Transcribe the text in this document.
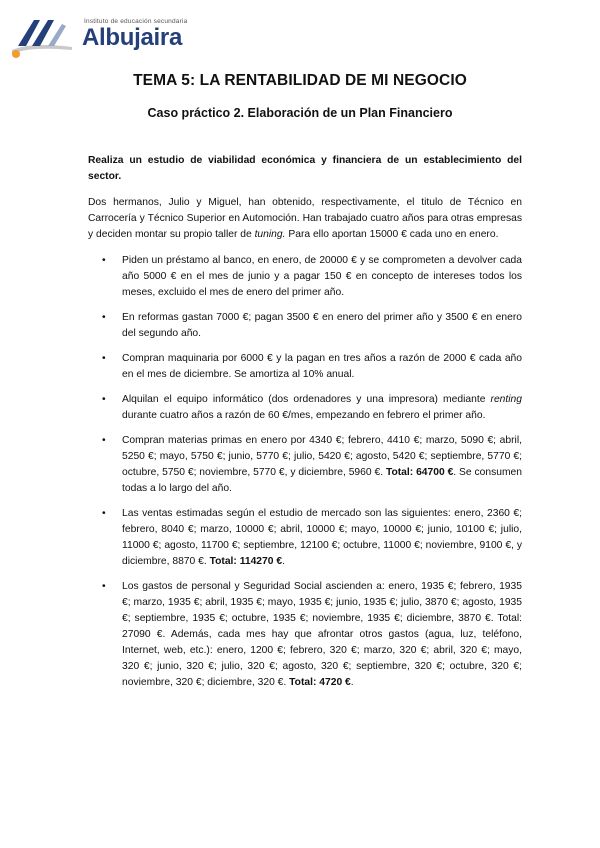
Instituto de educación secundaria
Albujaira
TEMA 5: LA RENTABILIDAD DE MI NEGOCIO
Caso práctico 2. Elaboración de un Plan Financiero

Realiza un estudio de viabilidad económica y financiera de un establecimiento del sector.

Dos hermanos, Julio y Miguel, han obtenido, respectivamente, el titulo de Técnico en Carrocería y Técnico Superior en Automoción. Han trabajado cuatro años para otras empresas y deciden montar su propio taller de tuning. Para ello aportan 15000 € cada uno en enero.

• Piden un préstamo al banco, en enero, de 20000 € y se comprometen a devolver cada año 5000 € en el mes de junio y a pagar 150 € en concepto de intereses todos los meses, excluido el mes de enero del primer año.
• En reformas gastan 7000 €; pagan 3500 € en enero del primer año y 3500 € en enero del segundo año.
• Compran maquinaria por 6000 € y la pagan en tres años a razón de 2000 € cada año en el mes de diciembre. Se amortiza al 10% anual.
• Alquilan el equipo informático (dos ordenadores y una impresora) mediante renting durante cuatro años a razón de 60 €/mes, empezando en febrero el primer año.
• Compran materias primas en enero por 4340 €; febrero, 4410 €; marzo, 5090 €; abril, 5250 €; mayo, 5750 €; junio, 5770 €; julio, 5420 €; agosto, 5420 €; septiembre, 5770 €; octubre, 5750 €; noviembre, 5770 €, y diciembre, 5960 €. Total: 64700 €. Se consumen todas a lo largo del año.
• Las ventas estimadas según el estudio de mercado son las siguientes: enero, 2360 €; febrero, 8040 €; marzo, 10000 €; abril, 10000 €; mayo, 10000 €; junio, 10100 €; julio, 11000 €; agosto, 11700 €; septiembre, 12100 €; octubre, 11000 €; noviembre, 9100 €, y diciembre, 8870 €. Total: 114270 €.
• Los gastos de personal y Seguridad Social ascienden a: enero, 1935 €; febrero, 1935 €; marzo, 1935 €; abril, 1935 €; mayo, 1935 €; junio, 1935 €; julio, 3870 €; agosto, 1935 €; septiembre, 1935 €; octubre, 1935 €; noviembre, 1935 €; diciembre, 3870 €. Total: 27090 €. Además, cada mes hay que afrontar otros gastos (agua, luz, teléfono, Internet, web, etc.): enero, 1200 €; febrero, 320 €; marzo, 320 €; abril, 320 €; mayo, 320 €; junio, 320 €; julio, 320 €; agosto, 320 €; septiembre, 320 €; octubre, 320 €; noviembre, 320 €; diciembre, 320 €. Total: 4720 €.
